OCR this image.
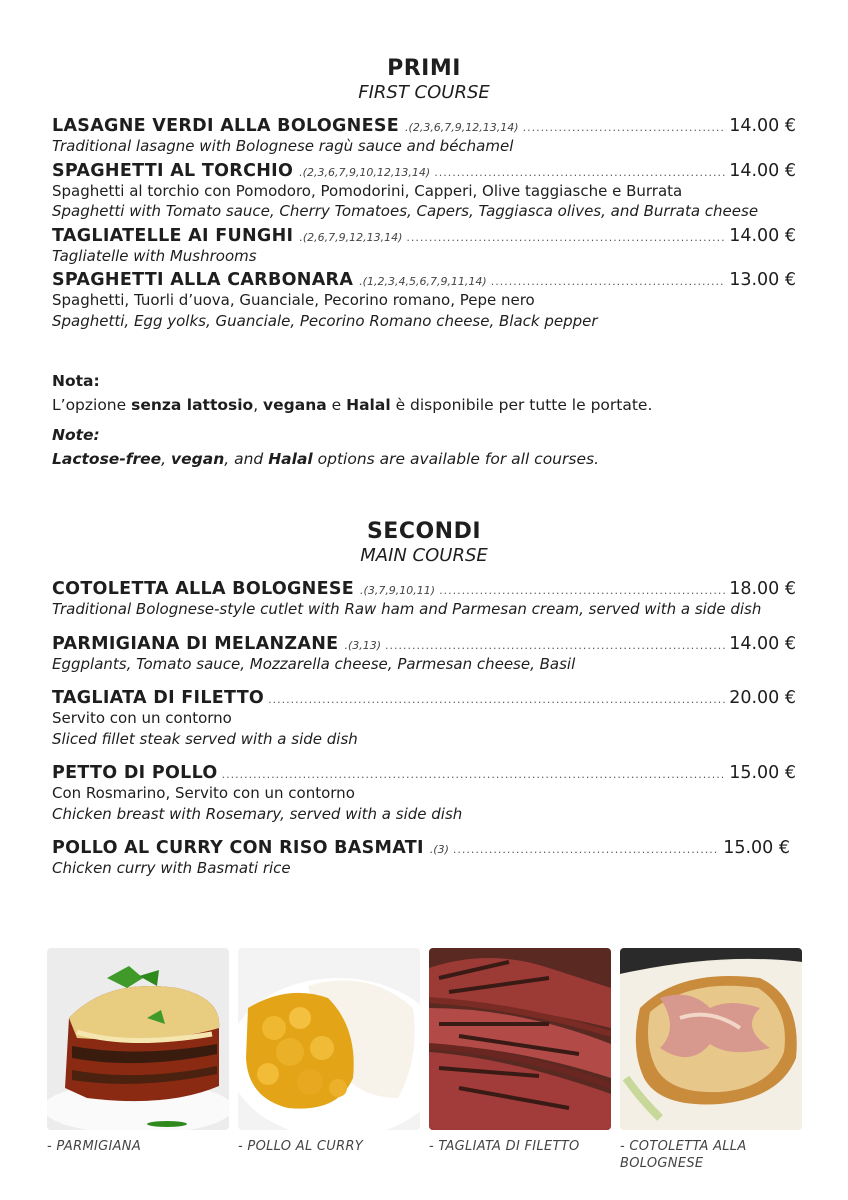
PRIMI
FIRST COURSE
LASAGNE VERDI ALLA BOLOGNESE .(2,3,6,7,9,12,13,14) .....	14.00 €
Traditional lasagne with Bolognese ragù sauce and béchamel
SPAGHETTI AL TORCHIO .(2,3,6,7,9,10,12,13,14) .....	14.00 €
Spaghetti al torchio con Pomodoro, Pomodorini, Capperi, Olive taggiasche e Burrata
Spaghetti with Tomato sauce, Cherry Tomatoes, Capers, Taggiasca olives, and Burrata cheese
TAGLIATELLE AI FUNGHI .(2,6,7,9,12,13,14) .....	14.00 €
Tagliatelle with Mushrooms
SPAGHETTI ALLA CARBONARA .(1,2,3,4,5,6,7,9,11,14) .....	13.00 €
Spaghetti, Tuorli d’uova, Guanciale, Pecorino romano, Pepe nero
Spaghetti, Egg yolks, Guanciale, Pecorino Romano cheese, Black pepper
Nota:
L’opzione senza lattosio, vegana e Halal è disponibile per tutte le portate.
Note:
Lactose-free, vegan, and Halal options are available for all courses.
SECONDI
MAIN COURSE
COTOLETTA ALLA BOLOGNESE .(3,7,9,10,11) .....	18.00 €
Traditional Bolognese-style cutlet with Raw ham and Parmesan cream, served with a side dish
PARMIGIANA DI MELANZANE .(3,13) .....	14.00 €
Eggplants, Tomato sauce, Mozzarella cheese, Parmesan cheese, Basil
TAGLIATA DI FILETTO .....	20.00 €
Servito con un contorno
Sliced fillet steak served with a side dish
PETTO DI POLLO .....	15.00 €
Con Rosmarino, Servito con un contorno
Chicken breast with Rosemary, served with a side dish
POLLO AL CURRY CON RISO BASMATI .(3) .....	15.00 €
Chicken curry with Basmati rice
- PARMIGIANA	- POLLO AL CURRY	- TAGLIATA DI FILETTO	- COTOLETTA ALLA BOLOGNESE
